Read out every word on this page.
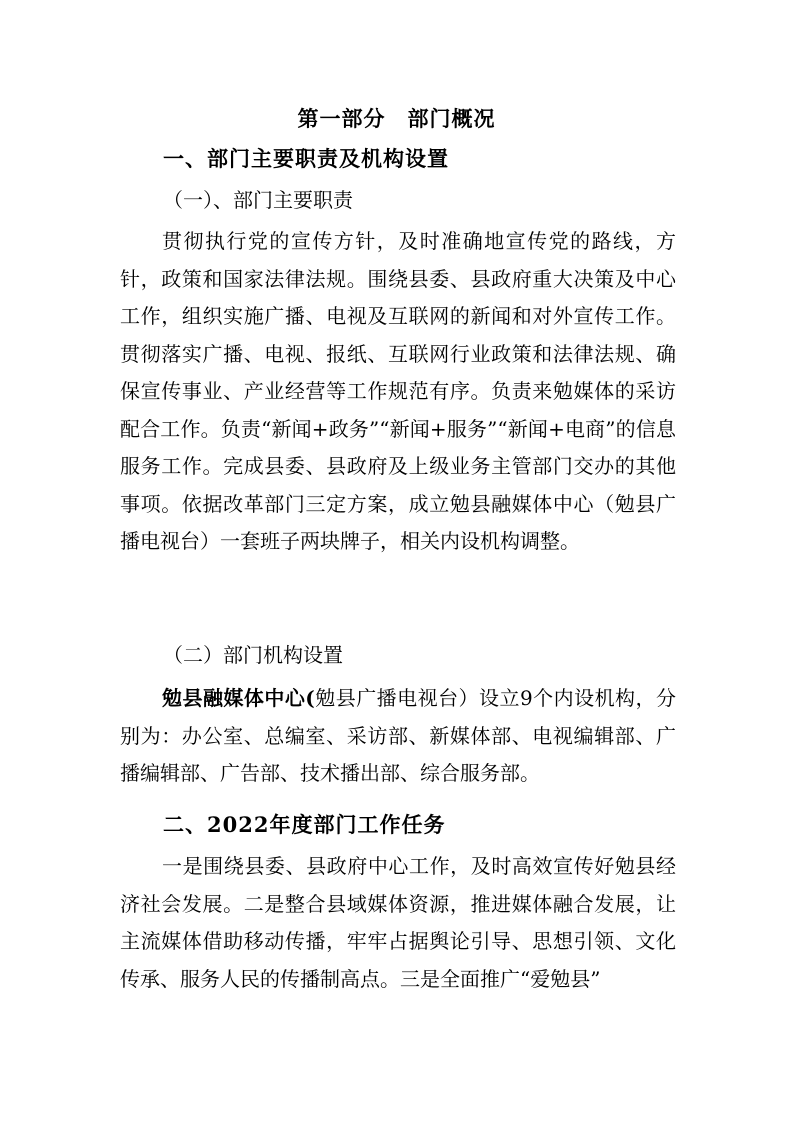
第一部分　部门概况
一、部门主要职责及机构设置
（一）、部门主要职责
贯彻执行党的宣传方针，及时准确地宣传党的路线，方针，政策和国家法律法规。围绕县委、县政府重大决策及中心工作，组织实施广播、电视及互联网的新闻和对外宣传工作。贯彻落实广播、电视、报纸、互联网行业政策和法律法规、确保宣传事业、产业经营等工作规范有序。负责来勉媒体的采访配合工作。负责“新闻+政务”“新闻+服务”“新闻+电商”的信息服务工作。完成县委、县政府及上级业务主管部门交办的其他事项。依据改革部门三定方案，成立勉县融媒体中心（勉县广播电视台）一套班子两块牌子，相关内设机构调整。
（二）部门机构设置
勉县融媒体中心(勉县广播电视台）设立9个内设机构，分别为：办公室、总编室、采访部、新媒体部、电视编辑部、广播编辑部、广告部、技术播出部、综合服务部。
二、2022年度部门工作任务
一是围绕县委、县政府中心工作，及时高效宣传好勉县经济社会发展。二是整合县域媒体资源，推进媒体融合发展，让主流媒体借助移动传播，牢牢占据舆论引导、思想引领、文化传承、服务人民的传播制高点。三是全面推广“爱勉县”
